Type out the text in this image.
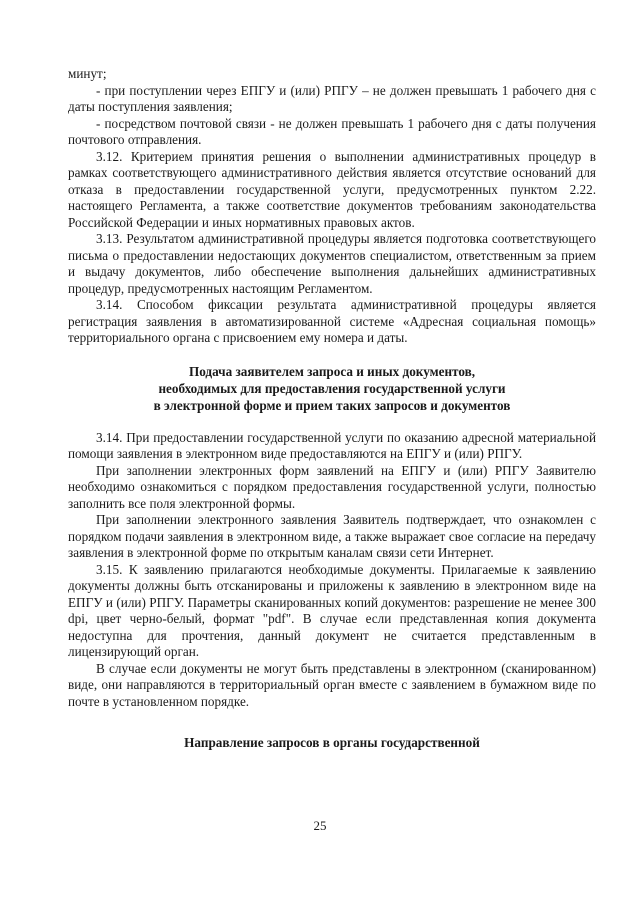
минут;

- при поступлении через ЕПГУ и (или) РПГУ – не должен превышать 1 рабочего дня с даты поступления заявления;

- посредством почтовой связи - не должен превышать 1 рабочего дня с даты получения почтового отправления.

3.12. Критерием принятия решения о выполнении административных процедур в рамках соответствующего административного действия является отсутствие оснований для отказа в предоставлении государственной услуги, предусмотренных пунктом 2.22. настоящего Регламента, а также соответствие документов требованиям законодательства Российской Федерации и иных нормативных правовых актов.

3.13. Результатом административной процедуры является подготовка соответствующего письма о предоставлении недостающих документов специалистом, ответственным за прием и выдачу документов, либо обеспечение выполнения дальнейших административных процедур, предусмотренных настоящим Регламентом.

3.14. Способом фиксации результата административной процедуры является регистрация заявления в автоматизированной системе «Адресная социальная помощь» территориального органа с присвоением ему номера и даты.

Подача заявителем запроса и иных документов,
необходимых для предоставления государственной услуги
в электронной форме и прием таких запросов и документов

3.14. При предоставлении государственной услуги по оказанию адресной материальной помощи заявления в электронном виде предоставляются на ЕПГУ и (или) РПГУ.

При заполнении электронных форм заявлений на ЕПГУ и (или) РПГУ Заявителю необходимо ознакомиться с порядком предоставления государственной услуги, полностью заполнить все поля электронной формы.

При заполнении электронного заявления Заявитель подтверждает, что ознакомлен с порядком подачи заявления в электронном виде, а также выражает свое согласие на передачу заявления в электронной форме по открытым каналам связи сети Интернет.

3.15. К заявлению прилагаются необходимые документы. Прилагаемые к заявлению документы должны быть отсканированы и приложены к заявлению в электронном виде на ЕПГУ и (или) РПГУ. Параметры сканированных копий документов: разрешение не менее 300 dpi, цвет черно-белый, формат "pdf". В случае если представленная копия документа недоступна для прочтения, данный документ не считается представленным в лицензирующий орган.

В случае если документы не могут быть представлены в электронном (сканированном) виде, они направляются в территориальный орган вместе с заявлением в бумажном виде по почте в установленном порядке.

Направление запросов в органы государственной
25
